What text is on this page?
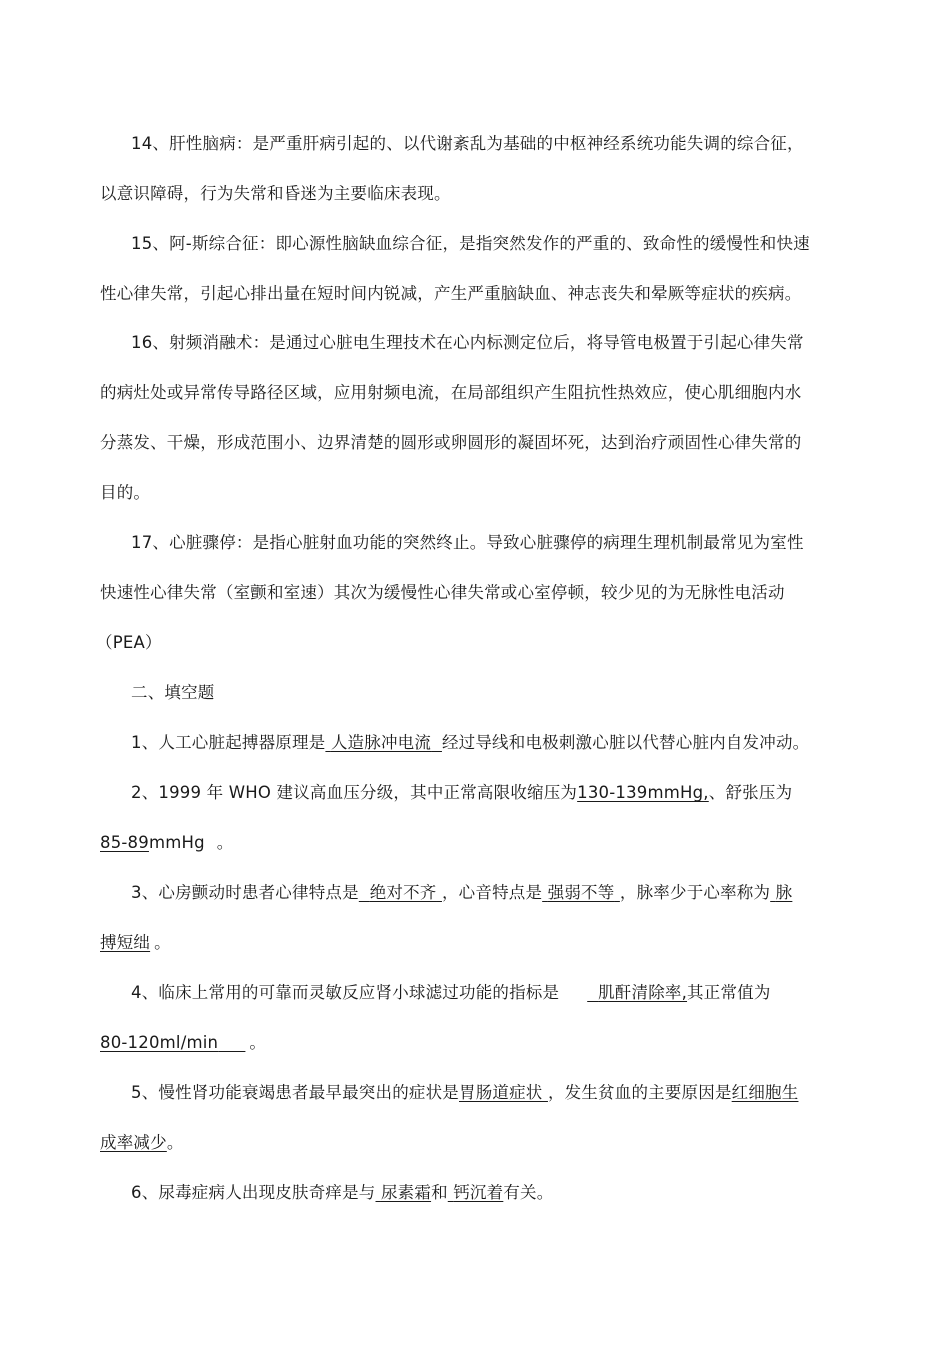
14、肝性脑病：是严重肝病引起的、以代谢紊乱为基础的中枢神经系统功能失调的综合征，
以意识障碍，行为失常和昏迷为主要临床表现。
15、阿-斯综合征：即心源性脑缺血综合征，是指突然发作的严重的、致命性的缓慢性和快速
性心律失常，引起心排出量在短时间内锐减，产生严重脑缺血、神志丧失和晕厥等症状的疾病。
16、射频消融术：是通过心脏电生理技术在心内标测定位后，将导管电极置于引起心律失常
的病灶处或异常传导路径区域，应用射频电流，在局部组织产生阻抗性热效应，使心肌细胞内水
分蒸发、干燥，形成范围小、边界清楚的圆形或卵圆形的凝固坏死，达到治疗顽固性心律失常的
目的。
17、心脏骤停：是指心脏射血功能的突然终止。导致心脏骤停的病理生理机制最常见为室性
快速性心律失常（室颤和室速）其次为缓慢性心律失常或心室停顿，较少见的为无脉性电活动
（PEA）
二、填空题
1、人工心脏起搏器原理是 人造脉冲电流 经过导线和电极刺激心脏以代替心脏内自发冲动。
2、1999 年 WHO 建议高血压分级，其中正常高限收缩压为130-139mmHg,、舒张压为
85-89mmHg 。
3、心房颤动时患者心律特点是 绝对不齐 ，心音特点是 强弱不等 ，脉率少于心率称为 脉
搏短绌 。
4、临床上常用的可靠而灵敏反应肾小球滤过功能的指标是 肌酐清除率,其正常值为
80-120ml/min 。
5、慢性肾功能衰竭患者最早最突出的症状是胃肠道症状 ，发生贫血的主要原因是红细胞生
成率减少。
6、尿毒症病人出现皮肤奇痒是与 尿素霜和 钙沉着有关。
